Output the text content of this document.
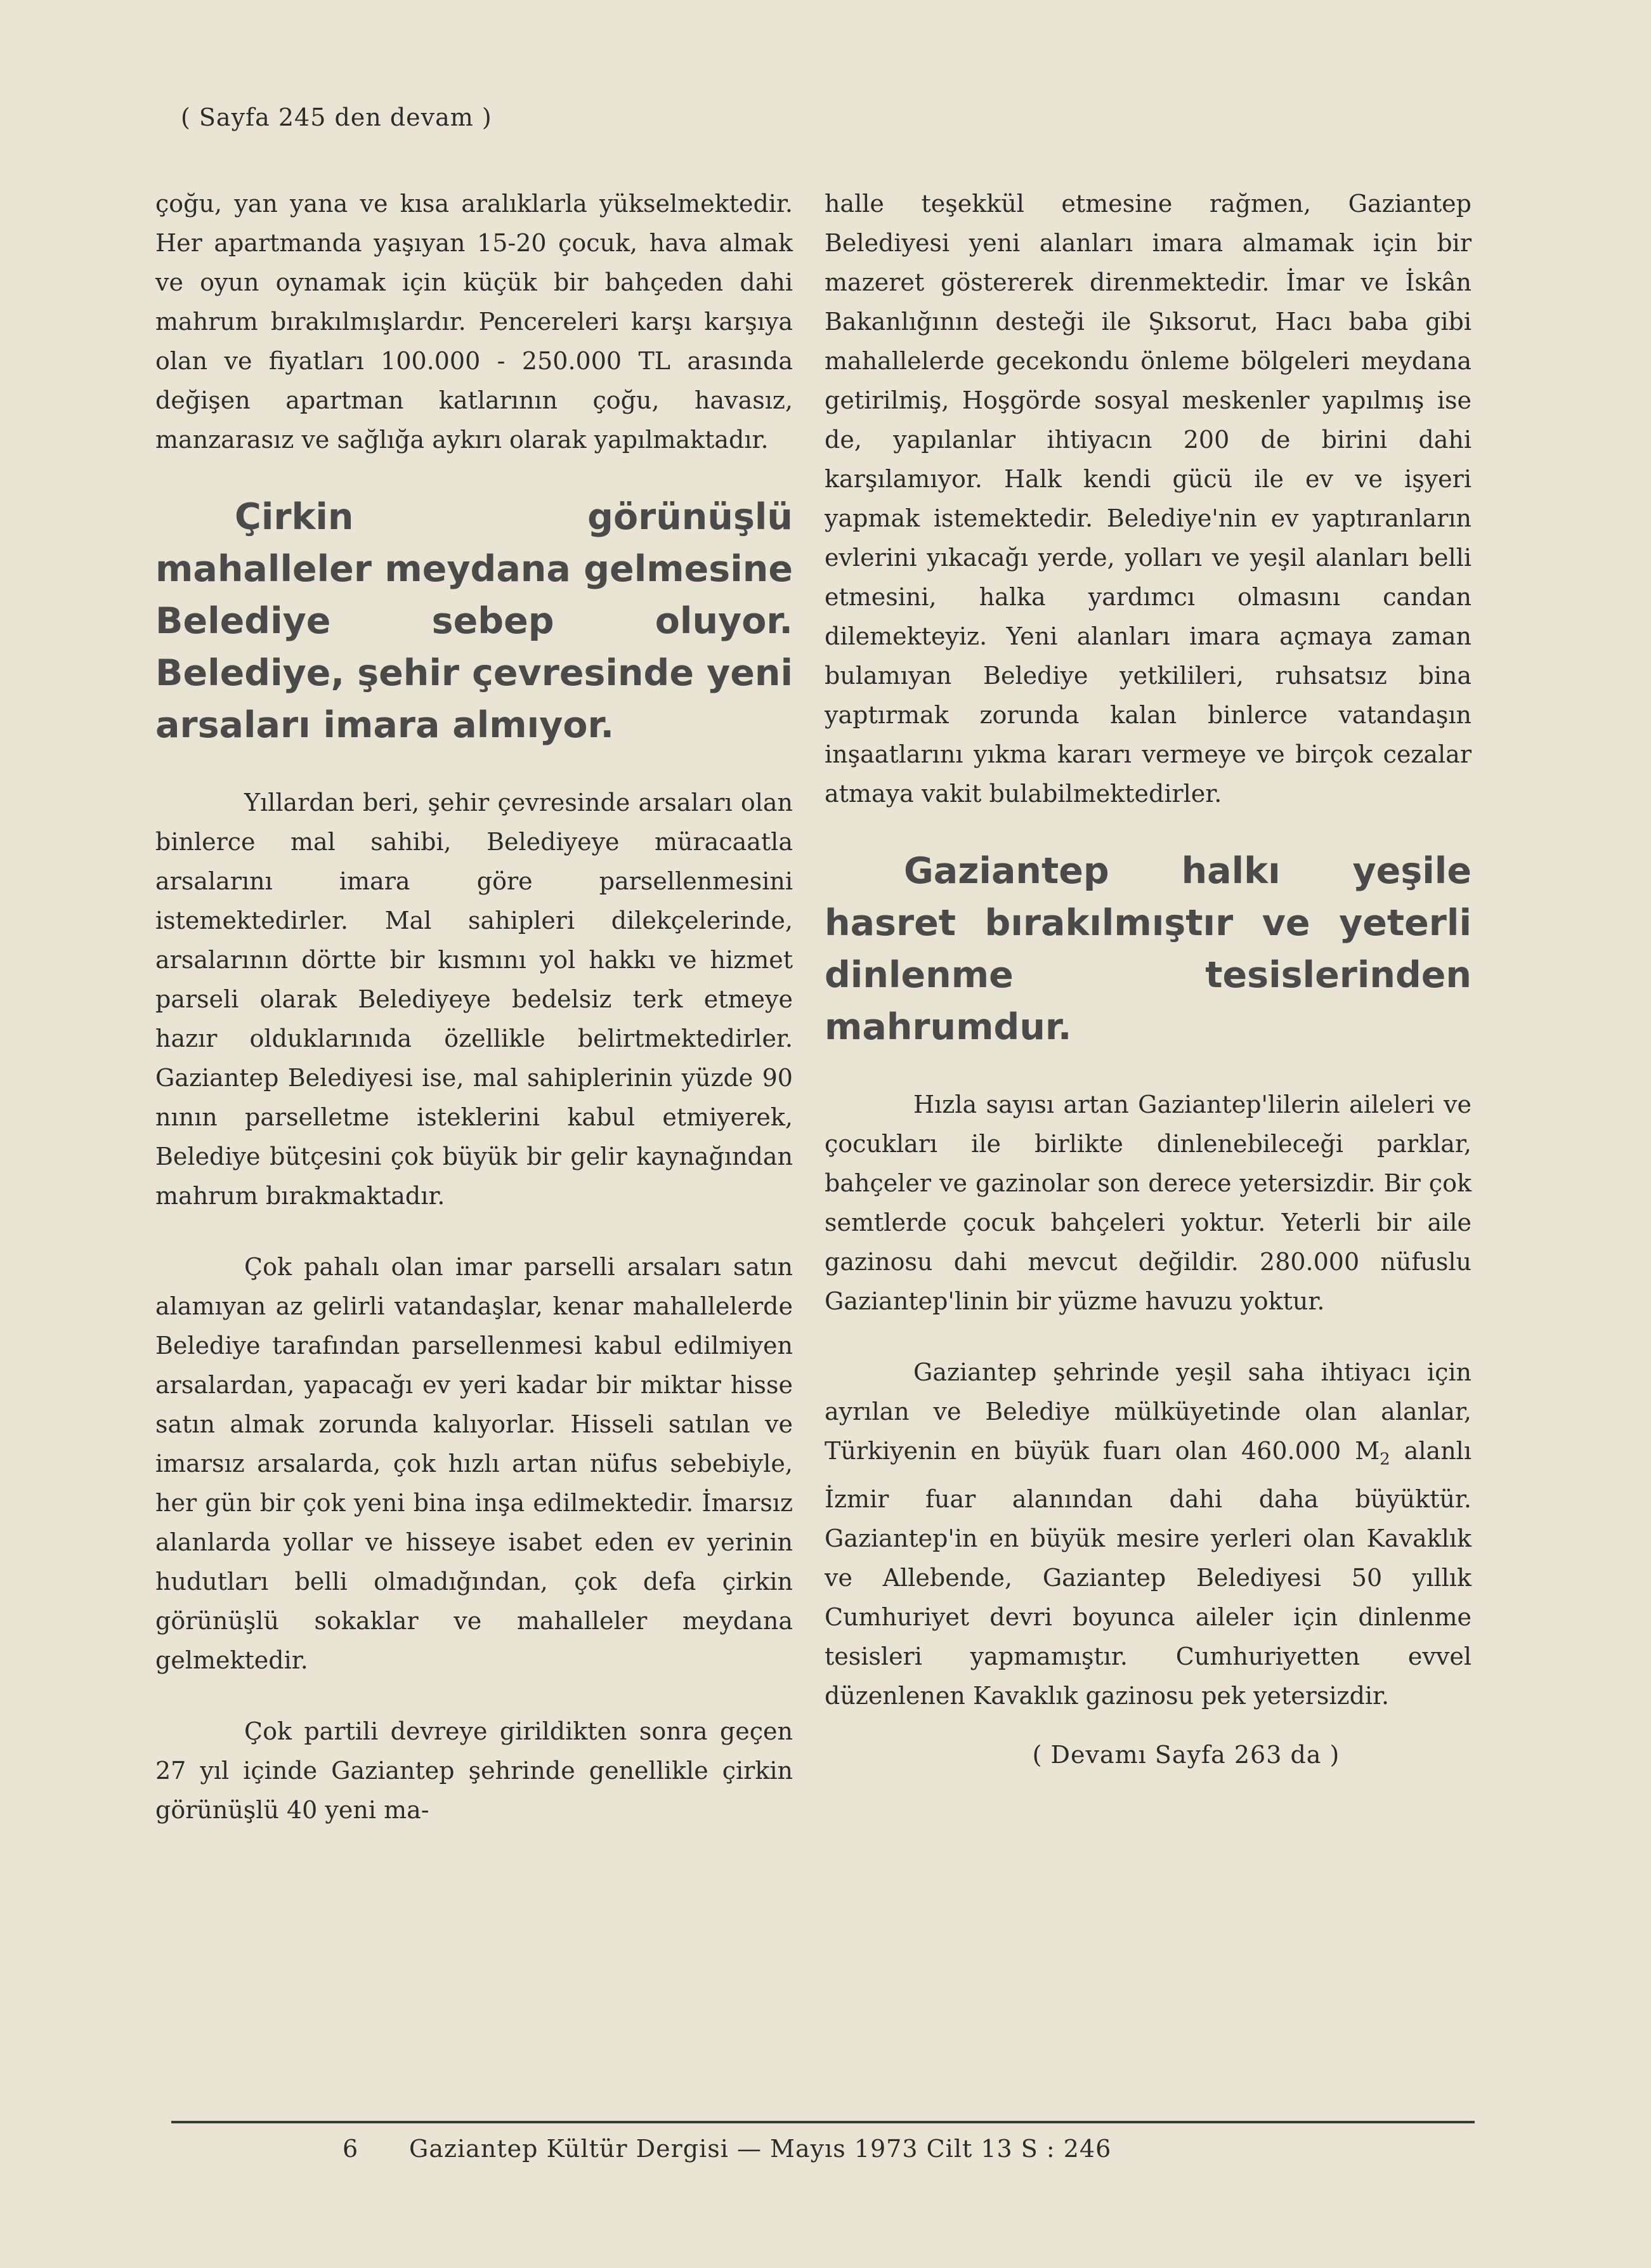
( Sayfa 245 den devam )

çoğu, yan yana ve kısa aralıklarla yükselmektedir. Her apartmanda yaşıyan 15-20 çocuk, hava almak ve oyun oynamak için küçük bir bahçeden dahi mahrum bırakılmışlardır. Pencereleri karşı karşıya olan ve fiyatları 100.000 - 250.000 TL arasında değişen apartman katlarının çoğu, havasız, manzarasız ve sağlığa aykırı olarak yapılmaktadır.

Çirkin görünüşlü mahalleler meydana gelmesine Belediye sebep oluyor. Belediye, şehir çevresinde yeni arsaları imara almıyor.

Yıllardan beri, şehir çevresinde arsaları olan binlerce mal sahibi, Belediyeye müracaatla arsalarını imara göre parsellenmesini istemektedirler. Mal sahipleri dilekçelerinde, arsalarının dörtte bir kısmını yol hakkı ve hizmet parseli olarak Belediyeye bedelsiz terk etmeye hazır olduklarınıda özellikle belirtmektedirler. Gaziantep Belediyesi ise, mal sahiplerinin yüzde 90 nının parselletme isteklerini kabul etmiyerek, Belediye bütçesini çok büyük bir gelir kaynağından mahrum bırakmaktadır.

Çok pahalı olan imar parselli arsaları satın alamıyan az gelirli vatandaşlar, kenar mahallelerde Belediye tarafından parsellenmesi kabul edilmiyen arsalardan, yapacağı ev yeri kadar bir miktar hisse satın almak zorunda kalıyorlar. Hisseli satılan ve imarsız arsalarda, çok hızlı artan nüfus sebebiyle, her gün bir çok yeni bina inşa edilmektedir. İmarsız alanlarda yollar ve hisseye isabet eden ev yerinin hudutları belli olmadığından, çok defa çirkin görünüşlü sokaklar ve mahalleler meydana gelmektedir.

Çok partili devreye girildikten sonra geçen 27 yıl içinde Gaziantep şehrinde genellikle çirkin görünüşlü 40 yeni ma-

halle teşekkül etmesine rağmen, Gaziantep Belediyesi yeni alanları imara almamak için bir mazeret göstererek direnmektedir. İmar ve İskân Bakanlığının desteği ile Şıksorut, Hacı baba gibi mahallelerde gecekondu önleme bölgeleri meydana getirilmiş, Hoşgörde sosyal meskenler yapılmış ise de, yapılanlar ihtiyacın 200 de birini dahi karşılamıyor. Halk kendi gücü ile ev ve işyeri yapmak istemektedir. Belediye'nin ev yaptıranların evlerini yıkacağı yerde, yolları ve yeşil alanları belli etmesini, halka yardımcı olmasını candan dilemekteyiz. Yeni alanları imara açmaya zaman bulamıyan Belediye yetkilileri, ruhsatsız bina yaptırmak zorunda kalan binlerce vatandaşın inşaatlarını yıkma kararı vermeye ve birçok cezalar atmaya vakit bulabilmektedirler.

Gaziantep halkı yeşile hasret bırakılmıştır ve yeterli dinlenme tesislerinden mahrumdur.

Hızla sayısı artan Gaziantep'lilerin aileleri ve çocukları ile birlikte dinlenebileceği parklar, bahçeler ve gazinolar son derece yetersizdir. Bir çok semtlerde çocuk bahçeleri yoktur. Yeterli bir aile gazinosu dahi mevcut değildir. 280.000 nüfuslu Gaziantep'linin bir yüzme havuzu yoktur.

Gaziantep şehrinde yeşil saha ihtiyacı için ayrılan ve Belediye mülküyetinde olan alanlar, Türkiyenin en büyük fuarı olan 460.000 $M_2$ alanlı İzmir fuar alanından dahi daha büyüktür. Gaziantep'in en büyük mesire yerleri olan Kavaklık ve Allebende, Gaziantep Belediyesi 50 yıllık Cumhuriyet devri boyunca aileler için dinlenme tesisleri yapmamıştır. Cumhuriyetten evvel düzenlenen Kavaklık gazinosu pek yetersizdir.

( Devamı Sayfa 263 da )
6 Gaziantep Kültür Dergisi — Mayıs 1973 Cilt 13 S : 246
